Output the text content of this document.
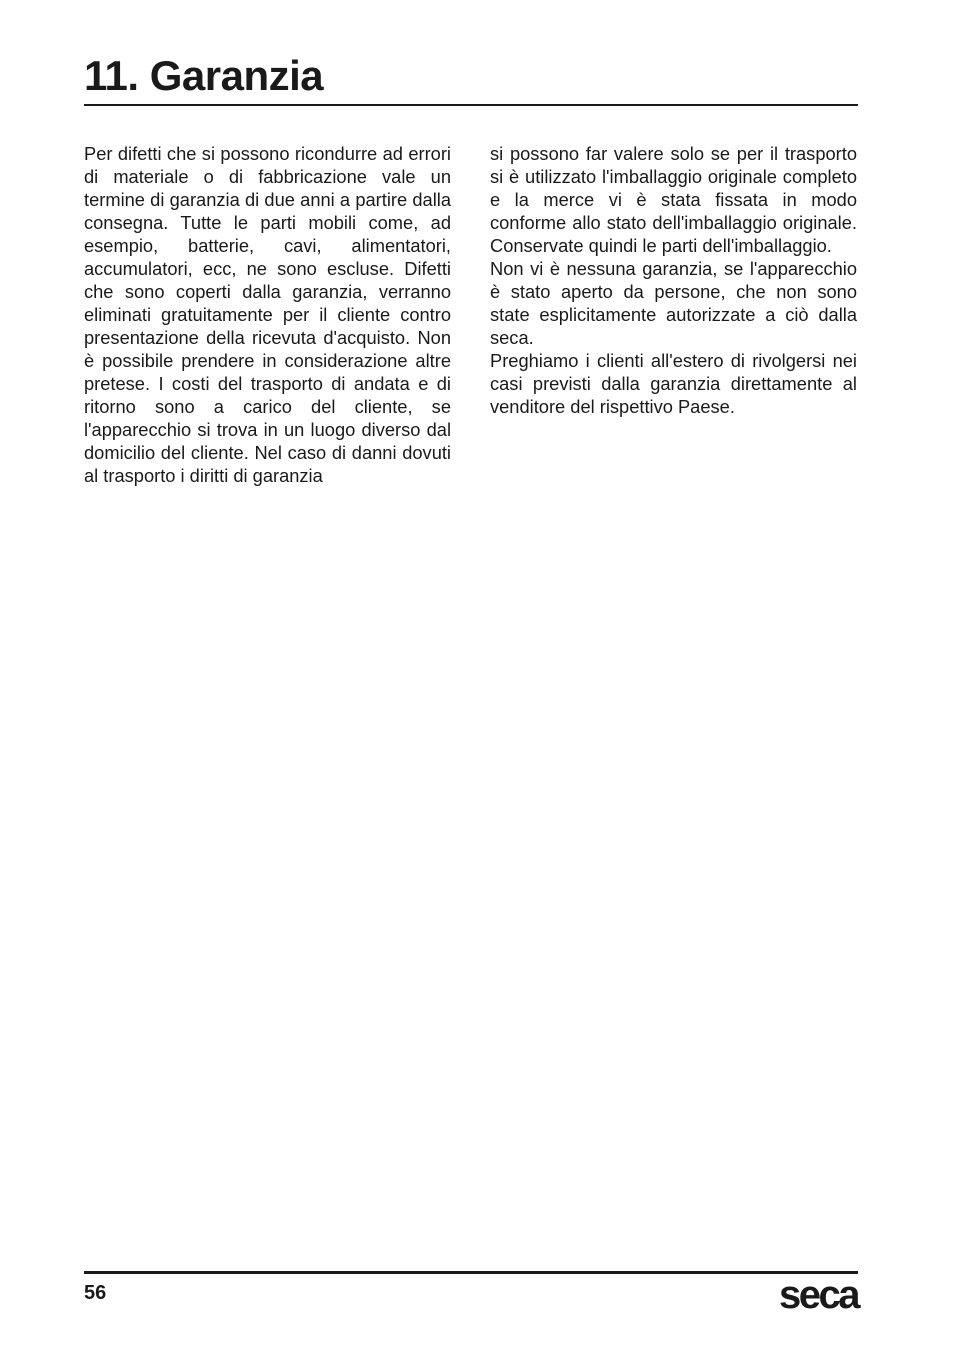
11. Garanzia

Per difetti che si possono ricondurre ad errori di materiale o di fabbricazione vale un termine di garanzia di due anni a partire dalla consegna. Tutte le parti mobili come, ad esempio, batterie, cavi, alimentatori, accumulatori, ecc, ne sono escluse. Difetti che sono coperti dalla garanzia, verranno eliminati gratuitamente per il cliente contro presentazione della ricevuta d'acquisto. Non è possibile prendere in considerazione altre pretese. I costi del trasporto di andata e di ritorno sono a carico del cliente, se l'apparecchio si trova in un luogo diverso dal domicilio del cliente. Nel caso di danni dovuti al trasporto i diritti di garanzia

si possono far valere solo se per il trasporto si è utilizzato l'imballaggio originale completo e la merce vi è stata fissata in modo conforme allo stato dell'imballaggio originale. Conservate quindi le parti dell'imballaggio.

Non vi è nessuna garanzia, se l'apparecchio è stato aperto da persone, che non sono state esplicitamente autorizzate a ciò dalla seca.

Preghiamo i clienti all'estero di rivolgersi nei casi previsti dalla garanzia direttamente al venditore del rispettivo Paese.

56	seca
